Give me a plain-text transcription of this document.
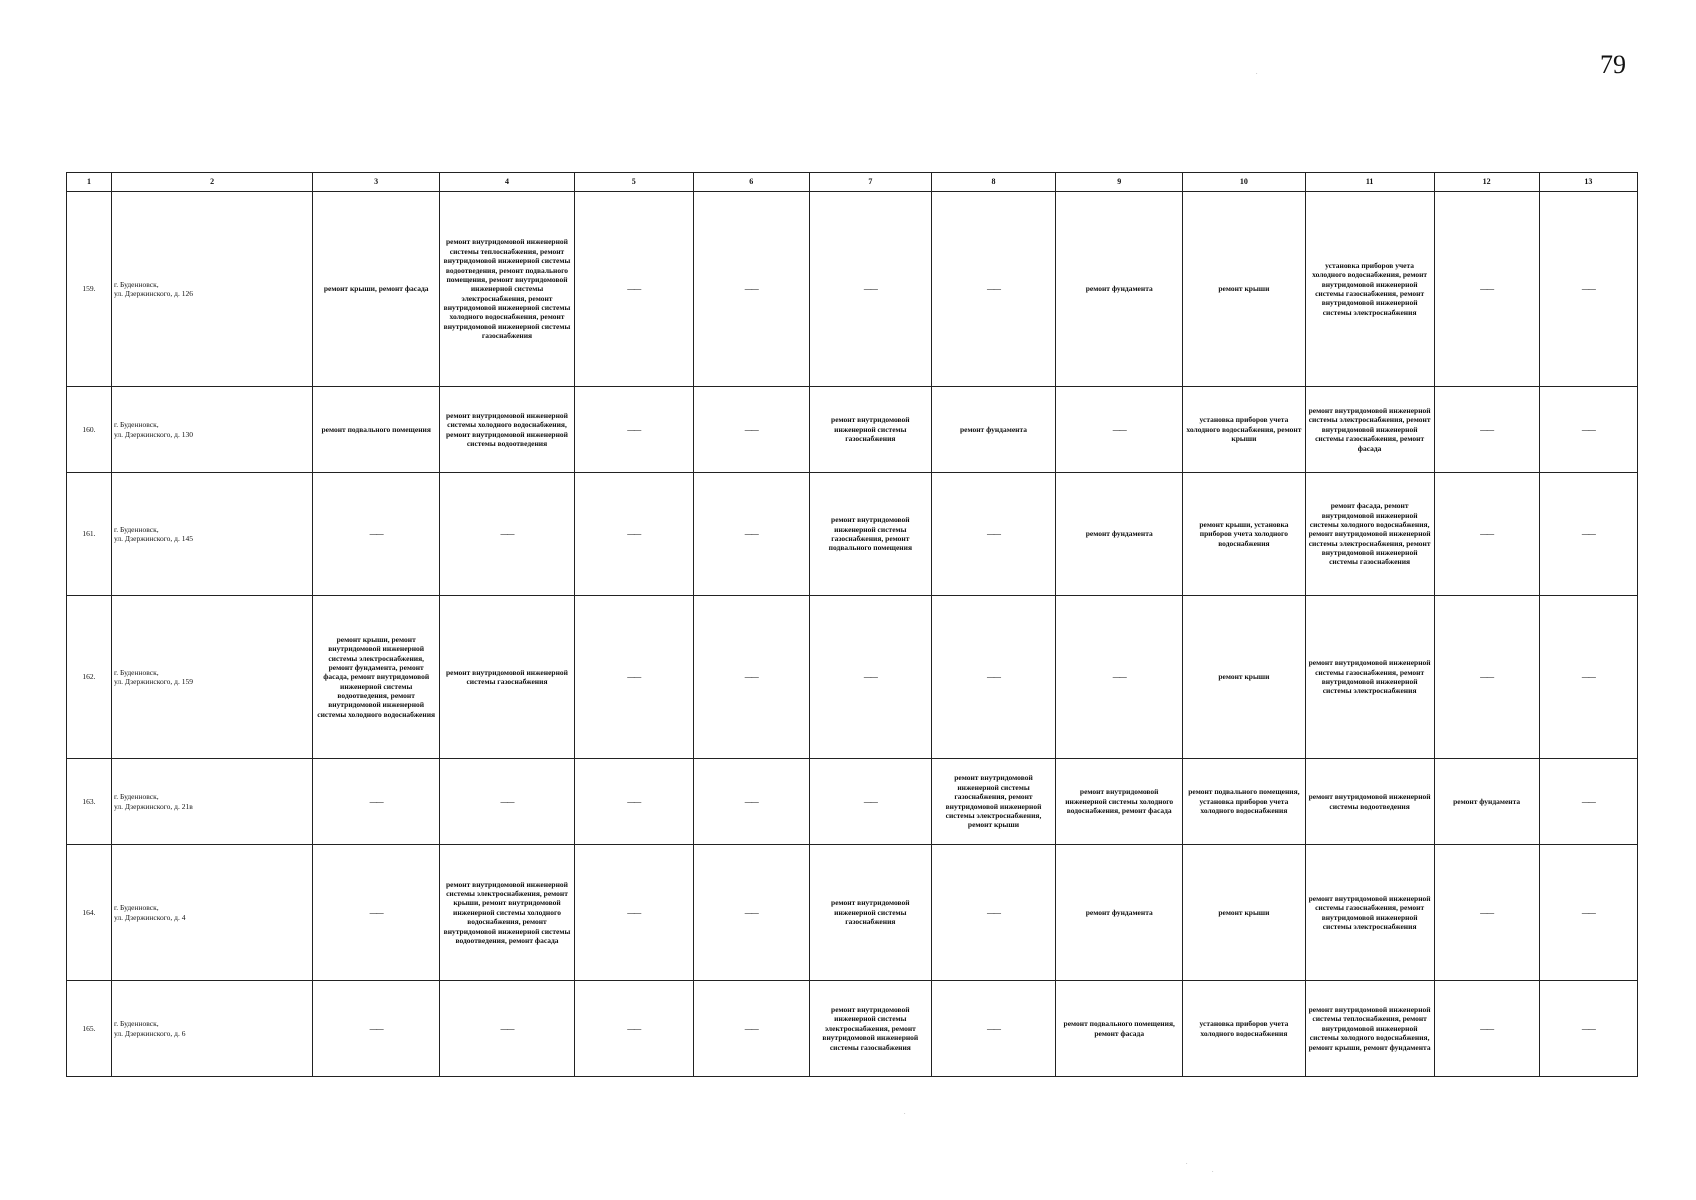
79
1	2	3	4	5	6	7	8	9	10	11	12	13
159.	г. Буденновск,
ул. Дзержинского, д. 126	ремонт крыши, ремонт фасада	ремонт внутридомовой инженерной системы теплоснабжения, ремонт внутридомовой инженерной системы водоотведения, ремонт подвального помещения, ремонт внутридомовой инженерной системы электроснабжения, ремонт внутридомовой инженерной системы холодного водоснабжения, ремонт внутридомовой инженерной системы газоснабжения	——	——	——	——	ремонт фундамента	ремонт крыши	установка приборов учета холодного водоснабжения, ремонт внутридомовой инженерной системы газоснабжения, ремонт внутридомовой инженерной системы электроснабжения	——	——
160.	г. Буденновск,
ул. Дзержинского, д. 130	ремонт подвального помещения	ремонт внутридомовой инженерной системы холодного водоснабжения, ремонт внутридомовой инженерной системы водоотведения	——	——	ремонт внутридомовой инженерной системы газоснабжения	ремонт фундамента	——	установка приборов учета холодного водоснабжения, ремонт крыши	ремонт внутридомовой инженерной системы электроснабжения, ремонт внутридомовой инженерной системы газоснабжения, ремонт фасада	——	——
161.	г. Буденновск,
ул. Дзержинского, д. 145	——	——	——	——	ремонт внутридомовой инженерной системы газоснабжения, ремонт подвального помещения	——	ремонт фундамента	ремонт крыши, установка приборов учета холодного водоснабжения	ремонт фасада, ремонт внутридомовой инженерной системы холодного водоснабжения, ремонт внутридомовой инженерной системы электроснабжения, ремонт внутридомовой инженерной системы газоснабжения	——	——
162.	г. Буденновск,
ул. Дзержинского, д. 159	ремонт крыши, ремонт внутридомовой инженерной системы электроснабжения, ремонт фундамента, ремонт фасада, ремонт внутридомовой инженерной системы водоотведения, ремонт внутридомовой инженерной системы холодного водоснабжения	ремонт внутридомовой инженерной системы газоснабжения	——	——	——	——	——	ремонт крыши	ремонт внутридомовой инженерной системы газоснабжения, ремонт внутридомовой инженерной системы электроснабжения	——	——
163.	г. Буденновск,
ул. Дзержинского, д. 21в	——	——	——	——	——	ремонт внутридомовой инженерной системы газоснабжения, ремонт внутридомовой инженерной системы электроснабжения, ремонт крыши	ремонт внутридомовой инженерной системы холодного водоснабжения, ремонт фасада	ремонт подвального помещения, установка приборов учета холодного водоснабжения	ремонт внутридомовой инженерной системы водоотведения	ремонт фундамента	——
164.	г. Буденновск,
ул. Дзержинского, д. 4	——	ремонт внутридомовой инженерной системы электроснабжения, ремонт крыши, ремонт внутридомовой инженерной системы холодного водоснабжения, ремонт внутридомовой инженерной системы водоотведения, ремонт фасада	——	——	ремонт внутридомовой инженерной системы газоснабжения	——	ремонт фундамента	ремонт крыши	ремонт внутридомовой инженерной системы газоснабжения, ремонт внутридомовой инженерной системы электроснабжения	——	——
165.	г. Буденновск,
ул. Дзержинского, д. 6	——	——	——	——	ремонт внутридомовой инженерной системы электроснабжения, ремонт внутридомовой инженерной системы газоснабжения	——	ремонт подвального помещения, ремонт фасада	установка приборов учета холодного водоснабжения	ремонт внутридомовой инженерной системы теплоснабжения, ремонт внутридомовой инженерной системы холодного водоснабжения, ремонт крыши, ремонт фундамента	——	——
.
.
.
.
